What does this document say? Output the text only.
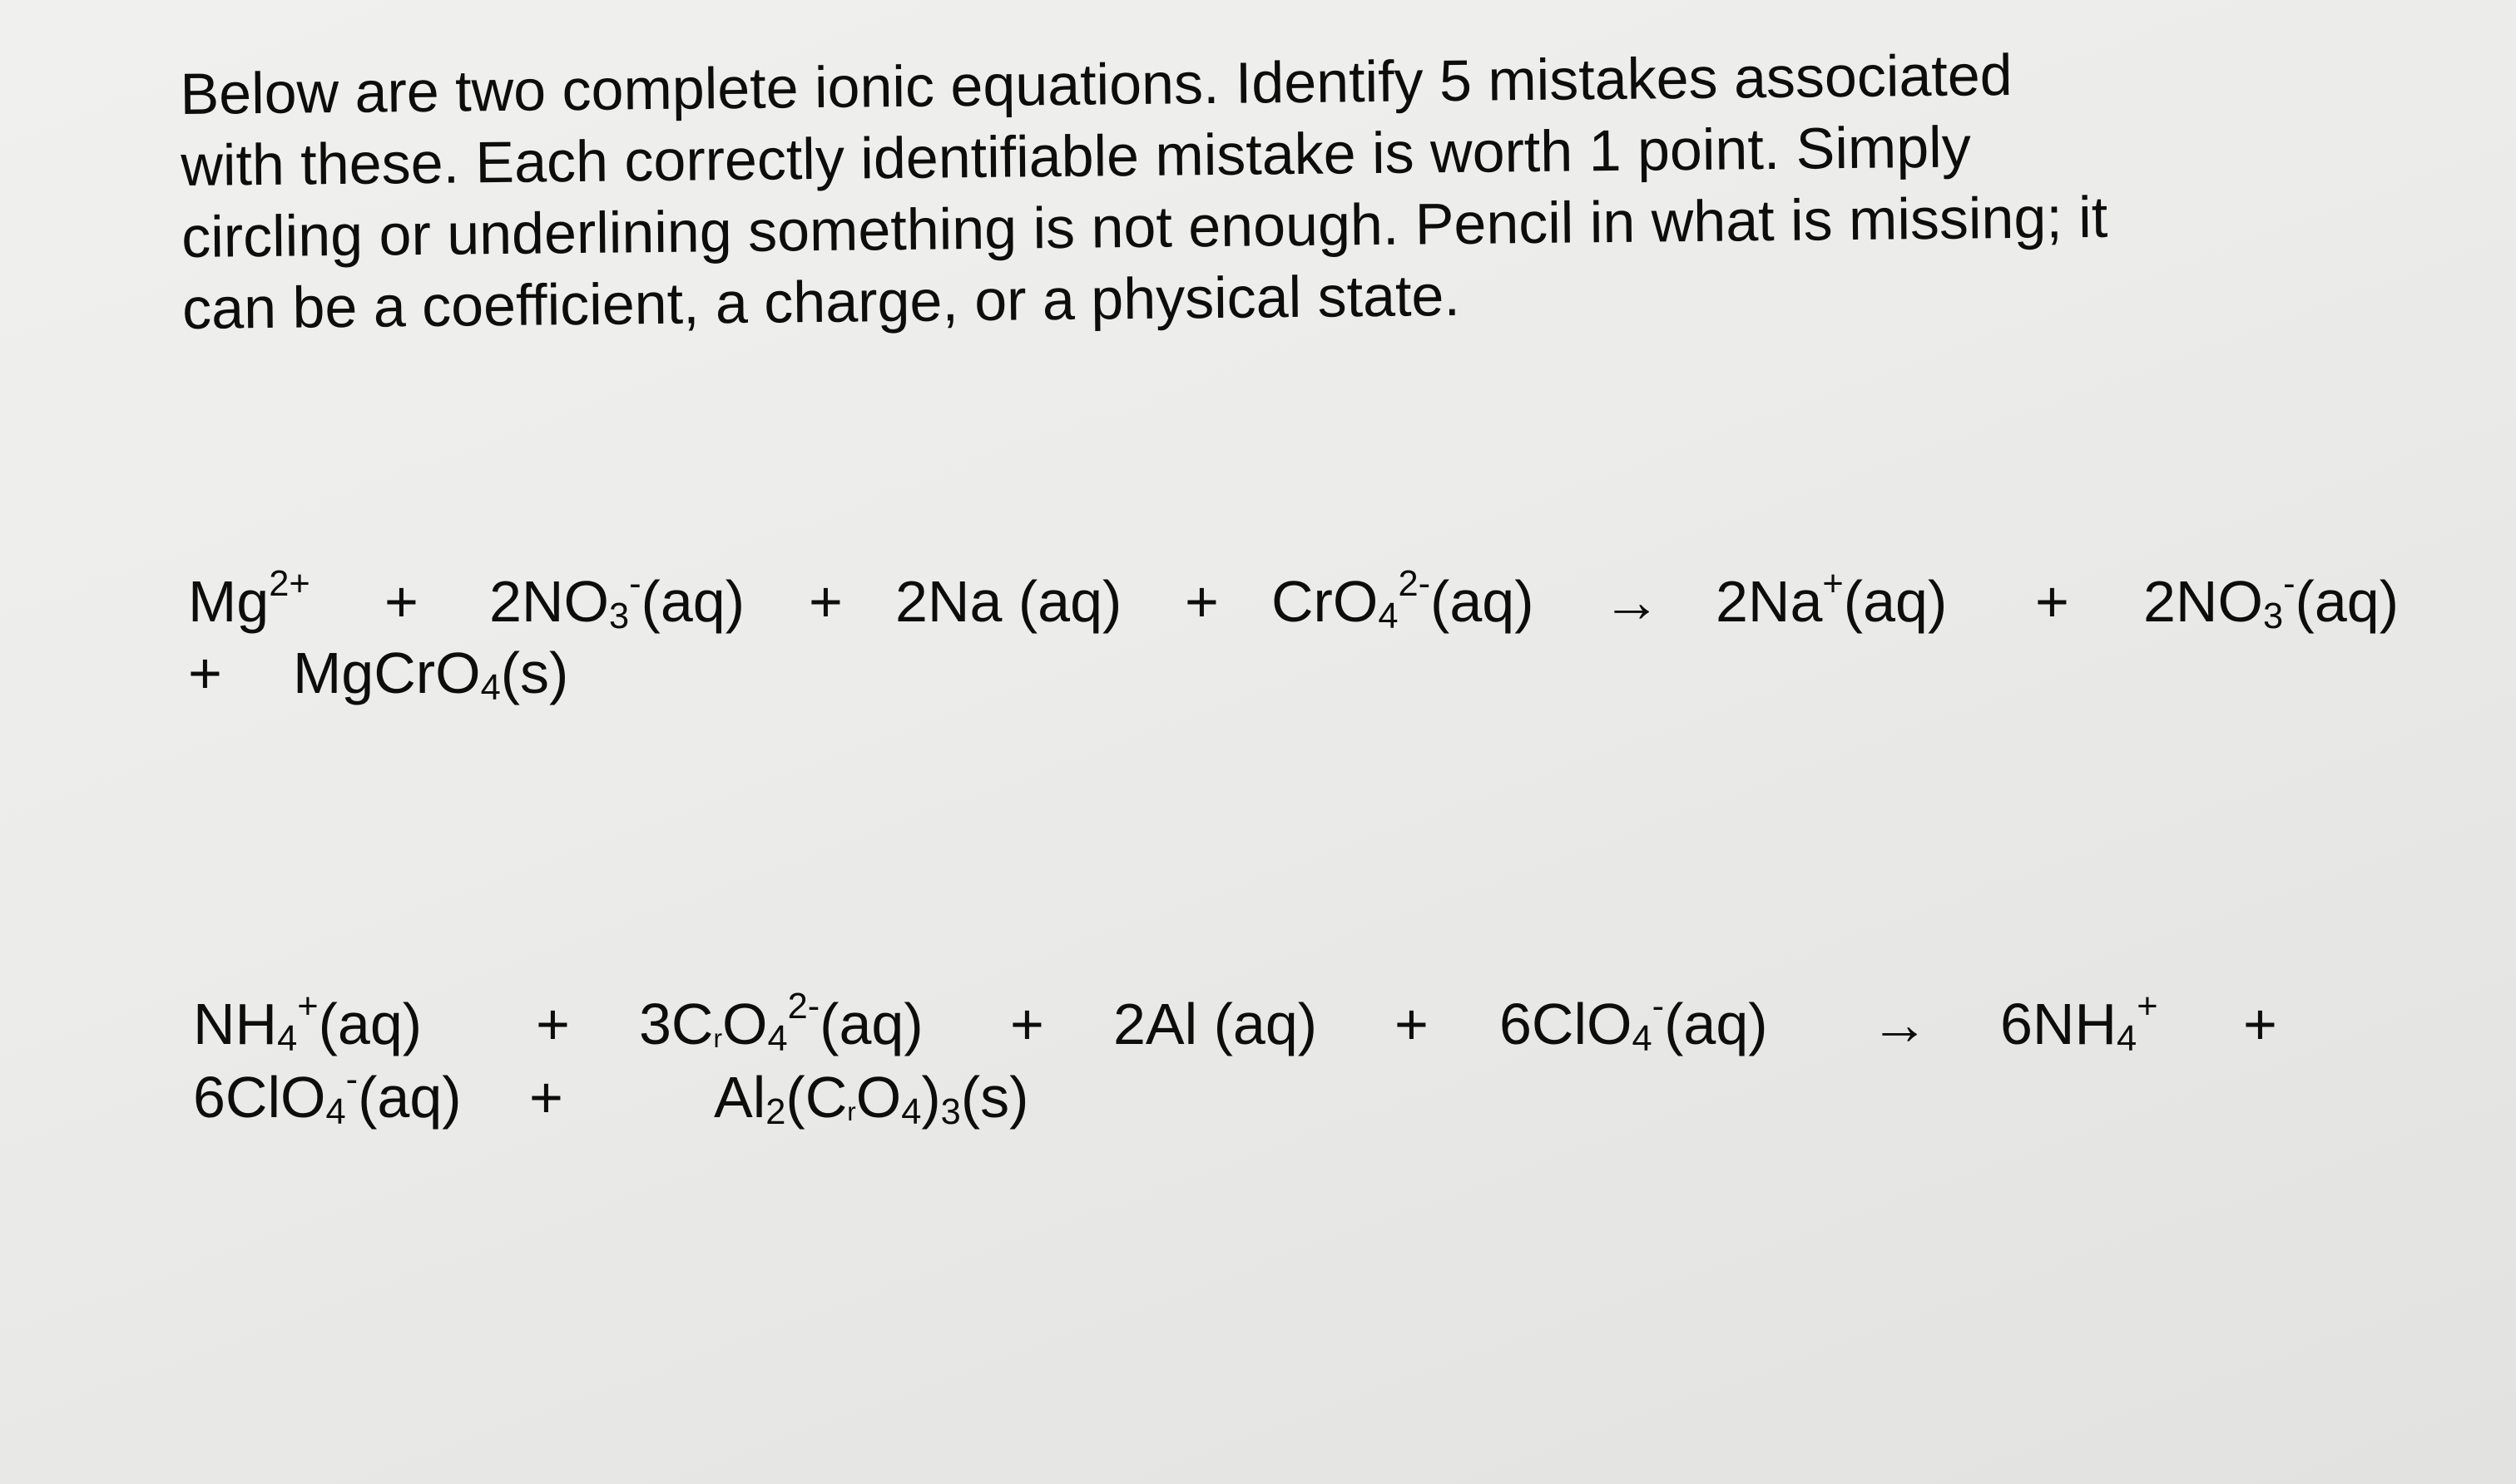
Below are two complete ionic equations. Identify 5 mistakes associated
with these. Each correctly identifiable mistake is worth 1 point. Simply
circling or underlining something is not enough. Pencil in what is missing; it
can be a coefficient, a charge, or a physical state.
$Mg^{2+} + 2NO_3^-(aq) + 2Na$ $(aq) + CrO_4^{2-}(aq) \to 2Na^+(aq) + 2NO_3^-(aq)$
+ MgCrO$_4$(s)
$NH_4^+(aq) + 3CrO_4^{2-}(aq) + 2Al$ $(aq) + 6ClO_4^-(aq) \to 6NH_4^+$ +
6ClO$_4$-(aq) +	$Al_2(CrO_4)_3(s)$
